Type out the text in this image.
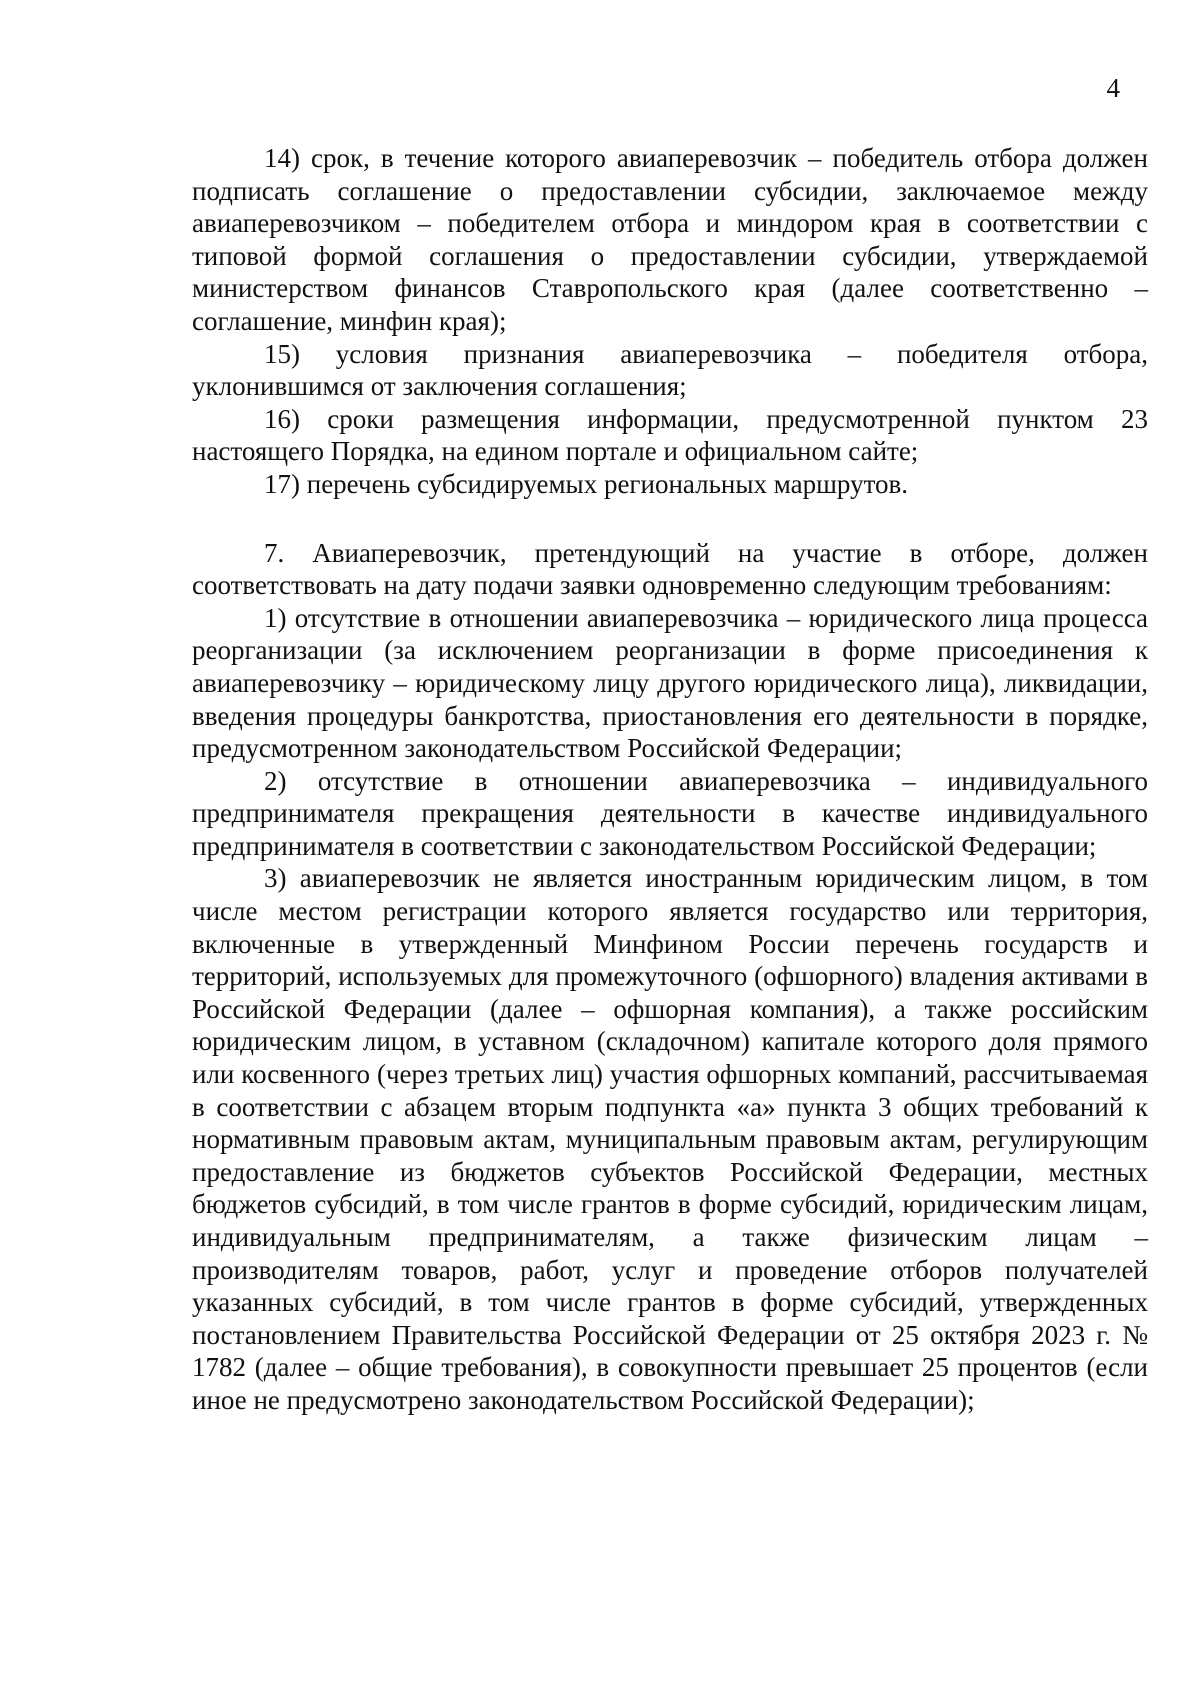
4

14) срок, в течение которого авиаперевозчик – победитель отбора должен подписать соглашение о предоставлении субсидии, заключаемое между авиаперевозчиком – победителем отбора и миндором края в соответствии с типовой формой соглашения о предоставлении субсидии, утверждаемой министерством финансов Ставропольского края (далее соответственно – соглашение, минфин края);

15) условия признания авиаперевозчика – победителя отбора, уклонившимся от заключения соглашения;

16) сроки размещения информации, предусмотренной пунктом 23 настоящего Порядка, на едином портале и официальном сайте;

17) перечень субсидируемых региональных маршрутов.

7. Авиаперевозчик, претендующий на участие в отборе, должен соответствовать на дату подачи заявки одновременно следующим требованиям:

1) отсутствие в отношении авиаперевозчика – юридического лица процесса реорганизации (за исключением реорганизации в форме присоединения к авиаперевозчику – юридическому лицу другого юридического лица), ликвидации, введения процедуры банкротства, приостановления его деятельности в порядке, предусмотренном законодательством Российской Федерации;

2) отсутствие в отношении авиаперевозчика – индивидуального предпринимателя прекращения деятельности в качестве индивидуального предпринимателя в соответствии с законодательством Российской Федерации;

3) авиаперевозчик не является иностранным юридическим лицом, в том числе местом регистрации которого является государство или территория, включенные в утвержденный Минфином России перечень государств и территорий, используемых для промежуточного (офшорного) владения активами в Российской Федерации (далее – офшорная компания), а также российским юридическим лицом, в уставном (складочном) капитале которого доля прямого или косвенного (через третьих лиц) участия офшорных компаний, рассчитываемая в соответствии с абзацем вторым подпункта «а» пункта 3 общих требований к нормативным правовым актам, муниципальным правовым актам, регулирующим предоставление из бюджетов субъектов Российской Федерации, местных бюджетов субсидий, в том числе грантов в форме субсидий, юридическим лицам, индивидуальным предпринимателям, а также физическим лицам – производителям товаров, работ, услуг и проведение отборов получателей указанных субсидий, в том числе грантов в форме субсидий, утвержденных постановлением Правительства Российской Федерации от 25 октября 2023 г. № 1782 (далее – общие требования), в совокупности превышает 25 процентов (если иное не предусмотрено законодательством Российской Федерации);
